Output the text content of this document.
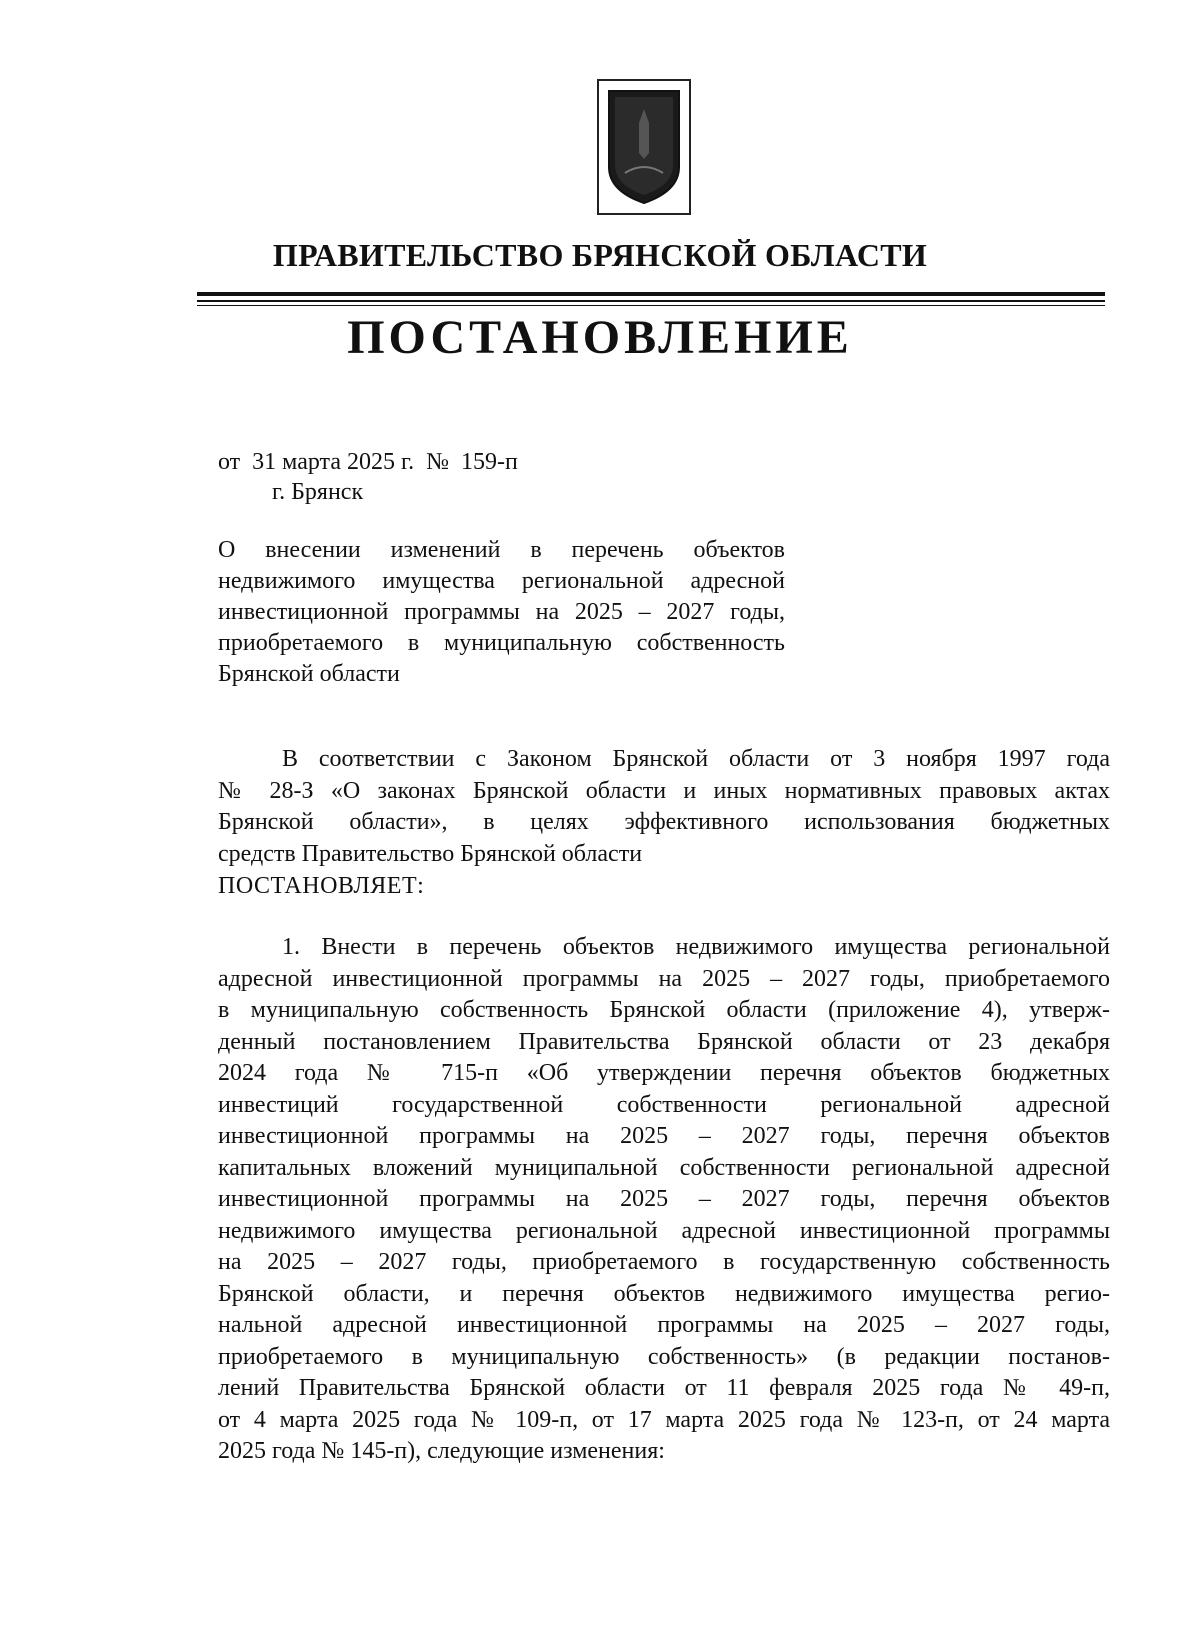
ПРАВИТЕЛЬСТВО БРЯНСКОЙ ОБЛАСТИ
ПОСТАНОВЛЕНИЕ
от 31 марта 2025 г. № 159-п
г. Брянск
О внесении изменений в перечень объектов
недвижимого имущества региональной адресной
инвестиционной программы на 2025 – 2027 годы,
приобретаемого в муниципальную собственность
Брянской области
В соответствии с Законом Брянской области от 3 ноября 1997 года
№ 28-З «О законах Брянской области и иных нормативных правовых актах
Брянской области», в целях эффективного использования бюджетных
средств Правительство Брянской области
ПОСТАНОВЛЯЕТ:
1. Внести в перечень объектов недвижимого имущества региональной
адресной инвестиционной программы на 2025 – 2027 годы, приобретаемого
в муниципальную собственность Брянской области (приложение 4), утверж-
денный постановлением Правительства Брянской области от 23 декабря
2024 года № 715-п «Об утверждении перечня объектов бюджетных
инвестиций государственной собственности региональной адресной
инвестиционной программы на 2025 – 2027 годы, перечня объектов
капитальных вложений муниципальной собственности региональной адресной
инвестиционной программы на 2025 – 2027 годы, перечня объектов
недвижимого имущества региональной адресной инвестиционной программы
на 2025 – 2027 годы, приобретаемого в государственную собственность
Брянской области, и перечня объектов недвижимого имущества регио-
нальной адресной инвестиционной программы на 2025 – 2027 годы,
приобретаемого в муниципальную собственность» (в редакции постанов-
лений Правительства Брянской области от 11 февраля 2025 года № 49-п,
от 4 марта 2025 года № 109-п, от 17 марта 2025 года № 123-п, от 24 марта
2025 года № 145-п), следующие изменения:
